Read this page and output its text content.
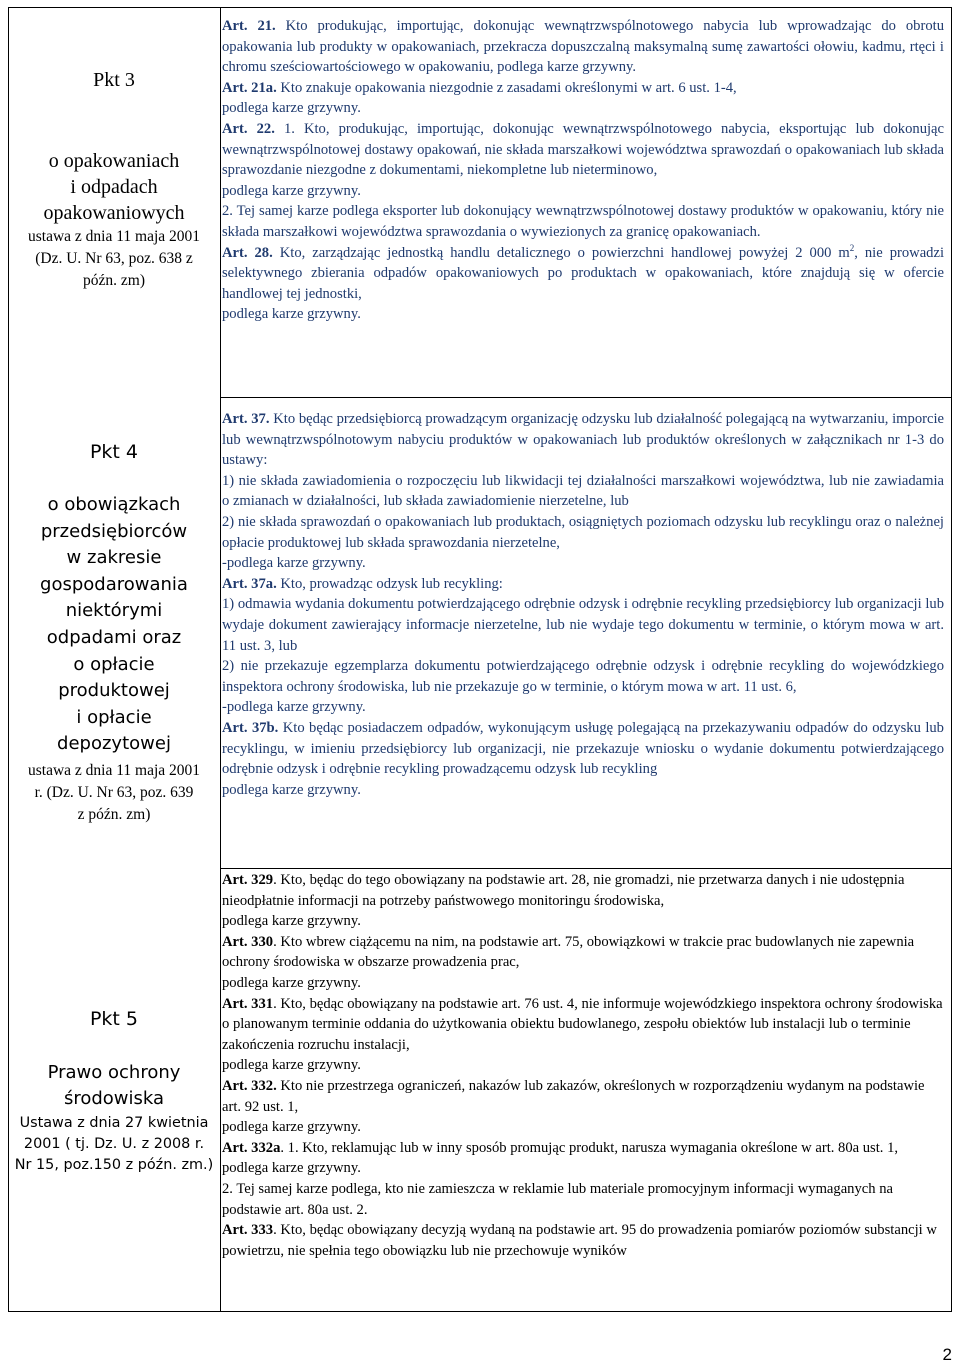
Pkt 3
o opakowaniach
i odpadach
opakowaniowych
ustawa z dnia 11 maja 2001
(Dz. U. Nr 63, poz. 638 z
późn. zm)
Pkt 4
o obowiązkach
przedsiębiorców
w zakresie
gospodarowania
niektórymi
odpadami oraz
o opłacie
produktowej
i opłacie
depozytowej
ustawa z dnia 11 maja 2001
r. (Dz. U. Nr 63, poz. 639
z późn. zm)
Pkt 5
Prawo ochrony
środowiska
Ustawa z dnia 27 kwietnia
2001 ( tj. Dz. U. z 2008 r.
Nr 15, poz.150 z późn. zm.)

Art. 21. Kto produkując, importując, dokonując wewnątrzwspólnotowego nabycia lub wprowadzając do obrotu opakowania lub produkty w opakowaniach, przekracza dopuszczalną maksymalną sumę zawartości ołowiu, kadmu, rtęci i chromu sześciowartościowego w opakowaniu, podlega karze grzywny.

Art. 21a. Kto znakuje opakowania niezgodnie z zasadami określonymi w art. 6 ust. 1-4,
podlega karze grzywny.

Art. 22. 1. Kto, produkując, importując, dokonując wewnątrzwspólnotowego nabycia, eksportując lub dokonując wewnątrzwspólnotowej dostawy opakowań, nie składa marszałkowi województwa sprawozdań o opakowaniach lub składa sprawozdanie niezgodne z dokumentami, niekompletne lub nieterminowo,

podlega karze grzywny.

2. Tej samej karze podlega eksporter lub dokonujący wewnątrzwspólnotowej dostawy produktów w opakowaniu, który nie składa marszałkowi województwa sprawozdania o wywiezionych za granicę opakowaniach.

Art. 28. Kto, zarządzając jednostką handlu detalicznego o powierzchni handlowej powyżej 2 000 $m^2$, nie prowadzi selektywnego zbierania odpadów opakowaniowych po produktach w opakowaniach, które znajdują się w ofercie handlowej tej jednostki,

podlega karze grzywny.

Art. 37. Kto będąc przedsiębiorcą prowadzącym organizację odzysku lub działalność polegającą na wytwarzaniu, imporcie lub wewnątrzwspólnotowym nabyciu produktów w opakowaniach lub produktów określonych w załącznikach nr 1-3 do ustawy:

1) nie składa zawiadomienia o rozpoczęciu lub likwidacji tej działalności marszałkowi województwa, lub nie zawiadamia o zmianach w działalności, lub składa zawiadomienie nierzetelne, lub

2) nie składa sprawozdań o opakowaniach lub produktach, osiągniętych poziomach odzysku lub recyklingu oraz o należnej opłacie produktowej lub składa sprawozdania nierzetelne,

-podlega karze grzywny.

Art. 37a. Kto, prowadząc odzysk lub recykling:

1) odmawia wydania dokumentu potwierdzającego odrębnie odzysk i odrębnie recykling przedsiębiorcy lub organizacji lub wydaje dokument zawierający informacje nierzetelne, lub nie wydaje tego dokumentu w terminie, o którym mowa w art. 11 ust. 3, lub

2) nie przekazuje egzemplarza dokumentu potwierdzającego odrębnie odzysk i odrębnie recykling do wojewódzkiego inspektora ochrony środowiska, lub nie przekazuje go w terminie, o którym mowa w art. 11 ust. 6,

-podlega karze grzywny.

Art. 37b. Kto będąc posiadaczem odpadów, wykonującym usługę polegającą na przekazywaniu odpadów do odzysku lub recyklingu, w imieniu przedsiębiorcy lub organizacji, nie przekazuje wniosku o wydanie dokumentu potwierdzającego odrębnie odzysk i odrębnie recykling prowadzącemu odzysk lub recykling

podlega karze grzywny.

Art. 329. Kto, będąc do tego obowiązany na podstawie art. 28, nie gromadzi, nie przetwarza danych i nie udostępnia nieodpłatnie informacji na potrzeby państwowego monitoringu środowiska,

podlega karze grzywny.

Art. 330. Kto wbrew ciążącemu na nim, na podstawie art. 75, obowiązkowi w trakcie prac budowlanych nie zapewnia ochrony środowiska w obszarze prowadzenia prac,

podlega karze grzywny.

Art. 331. Kto, będąc obowiązany na podstawie art. 76 ust. 4, nie informuje wojewódzkiego inspektora ochrony środowiska o planowanym terminie oddania do użytkowania obiektu budowlanego, zespołu obiektów lub instalacji lub o terminie zakończenia rozruchu instalacji,

podlega karze grzywny.

Art. 332. Kto nie przestrzega ograniczeń, nakazów lub zakazów, określonych w rozporządzeniu wydanym na podstawie art. 92 ust. 1,

podlega karze grzywny.

Art. 332a. 1. Kto, reklamując lub w inny sposób promując produkt, narusza wymagania określone w art. 80a ust. 1,

podlega karze grzywny.

2. Tej samej karze podlega, kto nie zamieszcza w reklamie lub materiale promocyjnym informacji wymaganych na podstawie art. 80a ust. 2.

Art. 333. Kto, będąc obowiązany decyzją wydaną na podstawie art. 95 do prowadzenia pomiarów poziomów substancji w powietrzu, nie spełnia tego obowiązku lub nie przechowuje wyników

2
